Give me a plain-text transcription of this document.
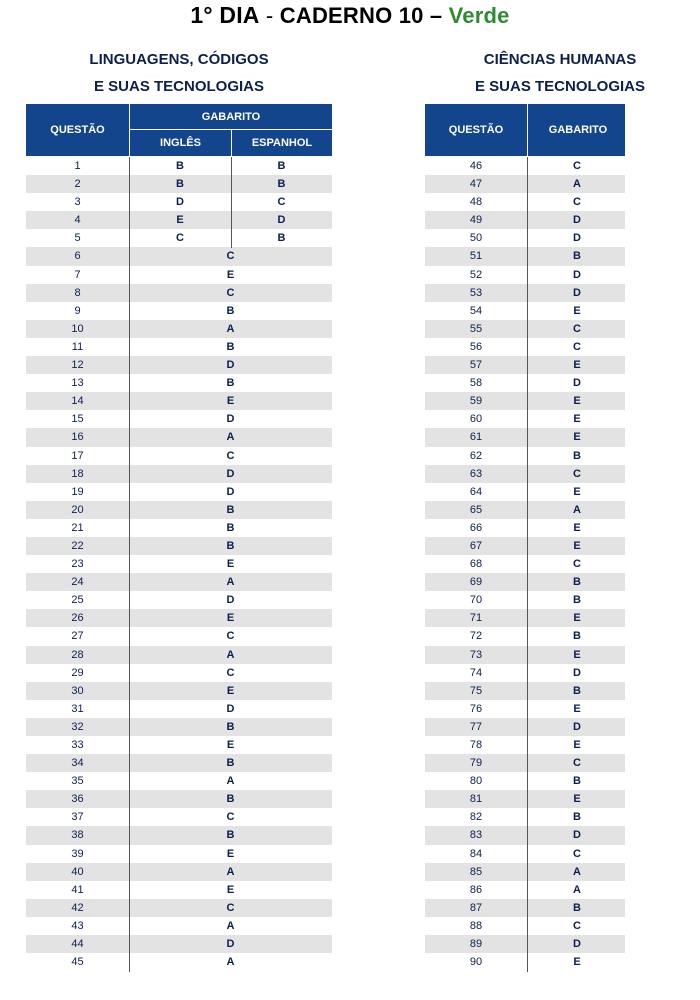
1° DIA - CADERNO 10 – Verde
LINGUAGENS, CÓDIGOS
E SUAS TECNOLOGIAS
CIÊNCIAS HUMANAS
E SUAS TECNOLOGIAS
QUESTÃO
GABARITO
INGLÊS	ESPANHOL
QUESTÃO	GABARITO
1	B	B
2	B	B
3	D	C
4	E	D
5	C	B
6	C
7	E
8	C
9	B
10	A
11	B
12	D
13	B
14	E
15	D
16	A
17	C
18	D
19	D
20	B
21	B
22	B
23	E
24	A
25	D
26	E
27	C
28	A
29	C
30	E
31	D
32	B
33	E
34	B
35	A
36	B
37	C
38	B
39	E
40	A
41	E
42	C
43	A
44	D
45	A
46	C
47	A
48	C
49	D
50	D
51	B
52	D
53	D
54	E
55	C
56	C
57	E
58	D
59	E
60	E
61	E
62	B
63	C
64	E
65	A
66	E
67	E
68	C
69	B
70	B
71	E
72	B
73	E
74	D
75	B
76	E
77	D
78	E
79	C
80	B
81	E
82	B
83	D
84	C
85	A
86	A
87	B
88	C
89	D
90	E
